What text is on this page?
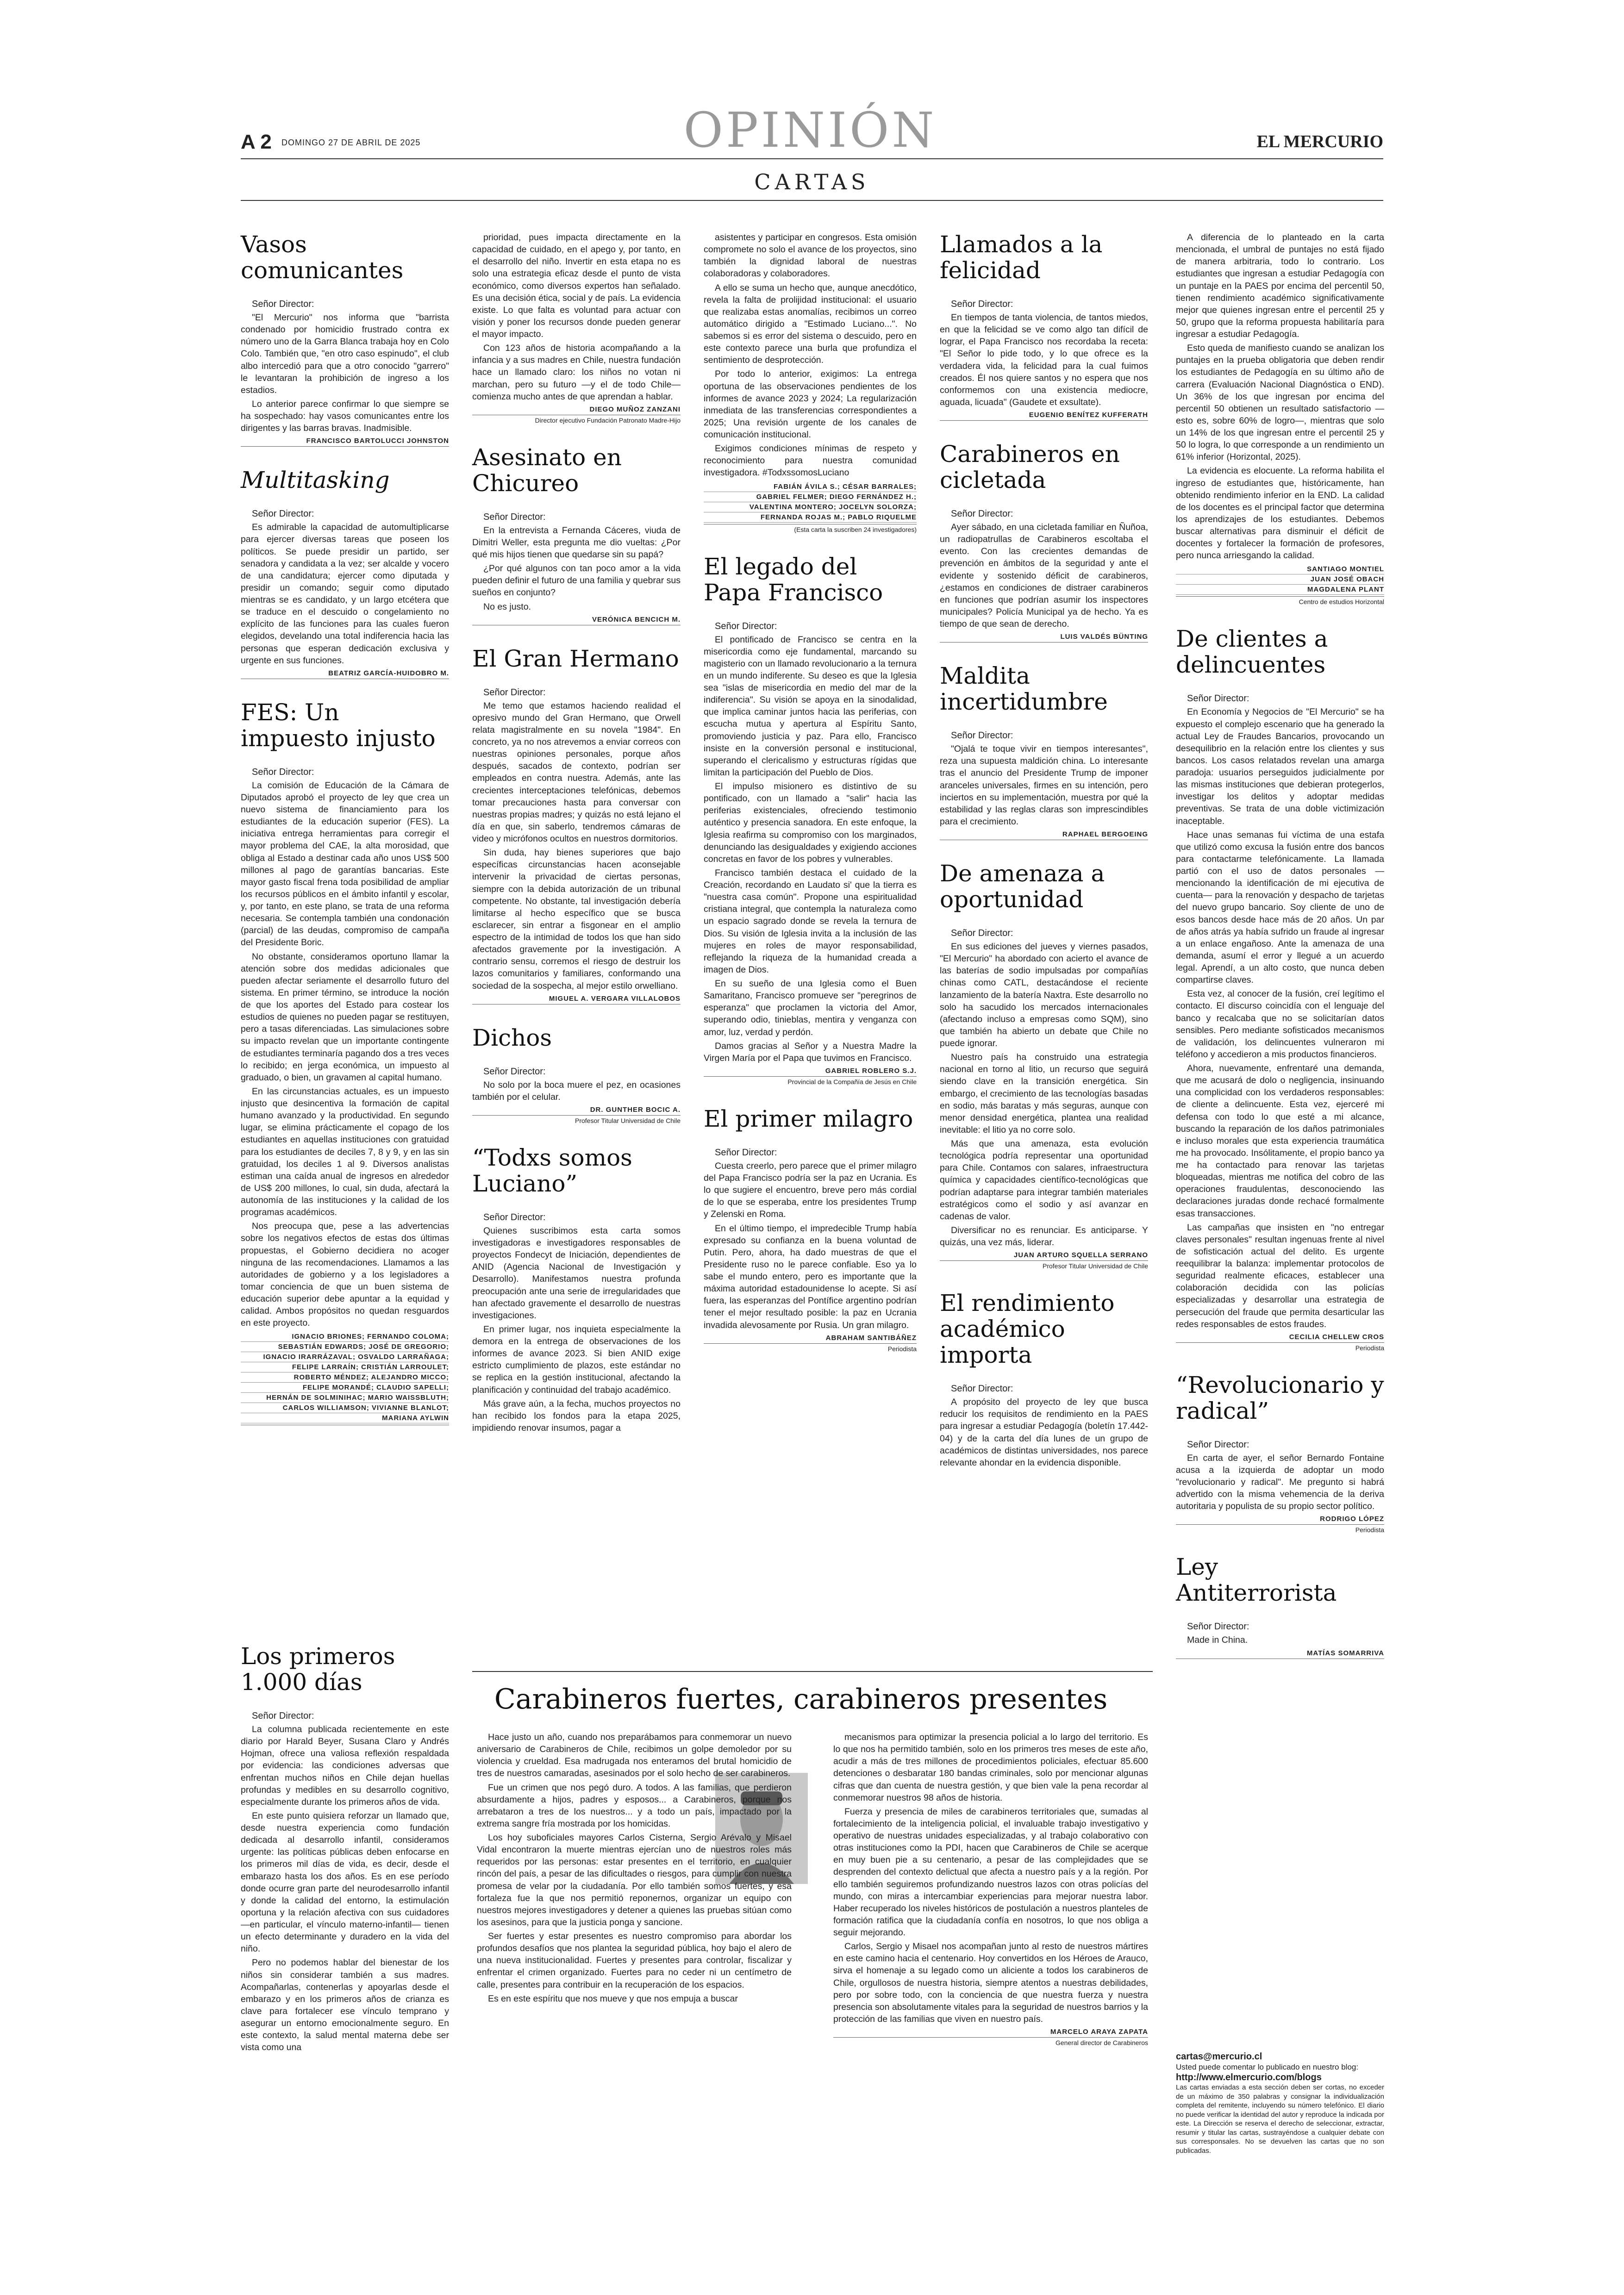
A 2 DOMINGO 27 DE ABRIL DE 2025	OPINIÓN	EL MERCURIO
CARTAS
Vasos comunicantes
Señor Director:

"El Mercurio" nos informa que "barrista condenado por homicidio frustrado contra ex número uno de la Garra Blanca trabaja hoy en Colo Colo. También que, "en otro caso espinudo", el club albo intercedió para que a otro conocido "garrero" le levantaran la prohibición de ingreso a los estadios.

Lo anterior parece confirmar lo que siempre se ha sospechado: hay vasos comunicantes entre los dirigentes y las barras bravas. Inadmisible.

FRANCISCO BARTOLUCCI JOHNSTON
Multitasking
Señor Director:

Es admirable la capacidad de automultiplicarse para ejercer diversas tareas que poseen los políticos. Se puede presidir un partido, ser senadora y candidata a la vez; ser alcalde y vocero de una candidatura; ejercer como diputada y presidir un comando; seguir como diputado mientras se es candidato, y un largo etcétera que se traduce en el descuido o congelamiento no explícito de las funciones para las cuales fueron elegidos, develando una total indiferencia hacia las personas que esperan dedicación exclusiva y urgente en sus funciones.

BEATRIZ GARCÍA-HUIDOBRO M.
FES: Un impuesto injusto
Señor Director:

La comisión de Educación de la Cámara de Diputados aprobó el proyecto de ley que crea un nuevo sistema de financiamiento para los estudiantes de la educación superior (FES). La iniciativa entrega herramientas para corregir el mayor problema del CAE, la alta morosidad, que obliga al Estado a destinar cada año unos US$ 500 millones al pago de garantías bancarias. Este mayor gasto fiscal frena toda posibilidad de ampliar los recursos públicos en el ámbito infantil y escolar, y, por tanto, en este plano, se trata de una reforma necesaria. Se contempla también una condonación (parcial) de las deudas, compromiso de campaña del Presidente Boric.

No obstante, consideramos oportuno llamar la atención sobre dos medidas adicionales que pueden afectar seriamente el desarrollo futuro del sistema. En primer término, se introduce la noción de que los aportes del Estado para costear los estudios de quienes no pueden pagar se restituyen, pero a tasas diferenciadas. Las simulaciones sobre su impacto revelan que un importante contingente de estudiantes terminaría pagando dos a tres veces lo recibido; en jerga económica, un impuesto al graduado, o bien, un gravamen al capital humano.

En las circunstancias actuales, es un impuesto injusto que desincentiva la formación de capital humano avanzado y la productividad. En segundo lugar, se elimina prácticamente el copago de los estudiantes en aquellas instituciones con gratuidad para los estudiantes de deciles 7, 8 y 9, y en las sin gratuidad, los deciles 1 al 9. Diversos analistas estiman una caída anual de ingresos en alrededor de US$ 200 millones, lo cual, sin duda, afectará la autonomía de las instituciones y la calidad de los programas académicos.

Nos preocupa que, pese a las advertencias sobre los negativos efectos de estas dos últimas propuestas, el Gobierno decidiera no acoger ninguna de las recomendaciones. Llamamos a las autoridades de gobierno y a los legisladores a tomar conciencia de que un buen sistema de educación superior debe apuntar a la equidad y calidad. Ambos propósitos no quedan resguardos en este proyecto.

IGNACIO BRIONES; FERNANDO COLOMA;
SEBASTIÁN EDWARDS; JOSÉ DE GREGORIO;
IGNACIO IRARRÁZAVAL; OSVALDO LARRAÑAGA;
FELIPE LARRAÍN; CRISTIÁN LARROULET;
ROBERTO MÉNDEZ; ALEJANDRO MICCO;
FELIPE MORANDÉ; CLAUDIO SAPELLI;
HERNÁN DE SOLMINIHAC; MARIO WAISSBLUTH;
CARLOS WILLIAMSON; VIVIANNE BLANLOT;
MARIANA AYLWIN

prioridad, pues impacta directamente en la capacidad de cuidado, en el apego y, por tanto, en el desarrollo del niño. Invertir en esta etapa no es solo una estrategia eficaz desde el punto de vista económico, como diversos expertos han señalado. Es una decisión ética, social y de país. La evidencia existe. Lo que falta es voluntad para actuar con visión y poner los recursos donde pueden generar el mayor impacto.

Con 123 años de historia acompañando a la infancia y a sus madres en Chile, nuestra fundación hace un llamado claro: los niños no votan ni marchan, pero su futuro —y el de todo Chile— comienza mucho antes de que aprendan a hablar.

DIEGO MUÑOZ ZANZANI
Director ejecutivo Fundación Patronato Madre-Hijo
Asesinato en Chicureo
Señor Director:

En la entrevista a Fernanda Cáceres, viuda de Dimitri Weller, esta pregunta me dio vueltas: ¿Por qué mis hijos tienen que quedarse sin su papá?

¿Por qué algunos con tan poco amor a la vida pueden definir el futuro de una familia y quebrar sus sueños en conjunto?

No es justo.

VERÓNICA BENCICH M.
El Gran Hermano
Señor Director:

Me temo que estamos haciendo realidad el opresivo mundo del Gran Hermano, que Orwell relata magistralmente en su novela "1984". En concreto, ya no nos atrevemos a enviar correos con nuestras opiniones personales, porque años después, sacados de contexto, podrían ser empleados en contra nuestra. Además, ante las crecientes interceptaciones telefónicas, debemos tomar precauciones hasta para conversar con nuestras propias madres; y quizás no está lejano el día en que, sin saberlo, tendremos cámaras de video y micrófonos ocultos en nuestros dormitorios.

Sin duda, hay bienes superiores que bajo específicas circunstancias hacen aconsejable intervenir la privacidad de ciertas personas, siempre con la debida autorización de un tribunal competente. No obstante, tal investigación debería limitarse al hecho específico que se busca esclarecer, sin entrar a fisgonear en el amplio espectro de la intimidad de todos los que han sido afectados gravemente por la investigación. A contrario sensu, corremos el riesgo de destruir los lazos comunitarios y familiares, conformando una sociedad de la sospecha, al mejor estilo orwelliano.

MIGUEL A. VERGARA VILLALOBOS
Dichos
Señor Director:

No solo por la boca muere el pez, en ocasiones también por el celular.

DR. GUNTHER BOCIC A.
Profesor Titular Universidad de Chile
“Todxs somos Luciano”
Señor Director:

Quienes suscribimos esta carta somos investigadoras e investigadores responsables de proyectos Fondecyt de Iniciación, dependientes de ANID (Agencia Nacional de Investigación y Desarrollo). Manifestamos nuestra profunda preocupación ante una serie de irregularidades que han afectado gravemente el desarrollo de nuestras investigaciones.

En primer lugar, nos inquieta especialmente la demora en la entrega de observaciones de los informes de avance 2023. Si bien ANID exige estricto cumplimiento de plazos, este estándar no se replica en la gestión institucional, afectando la planificación y continuidad del trabajo académico.

Más grave aún, a la fecha, muchos proyectos no han recibido los fondos para la etapa 2025, impidiendo renovar insumos, pagar a

asistentes y participar en congresos. Esta omisión compromete no solo el avance de los proyectos, sino también la dignidad laboral de nuestras colaboradoras y colaboradores.

A ello se suma un hecho que, aunque anecdótico, revela la falta de prolijidad institucional: el usuario que realizaba estas anomalías, recibimos un correo automático dirigido a "Estimado Luciano...". No sabemos si es error del sistema o descuido, pero en este contexto parece una burla que profundiza el sentimiento de desprotección.

Por todo lo anterior, exigimos: La entrega oportuna de las observaciones pendientes de los informes de avance 2023 y 2024; La regularización inmediata de las transferencias correspondientes a 2025; Una revisión urgente de los canales de comunicación institucional.

Exigimos condiciones mínimas de respeto y reconocimiento para nuestra comunidad investigadora. #TodxssomosLuciano

FABIÁN ÁVILA S.; CÉSAR BARRALES;
GABRIEL FELMER; DIEGO FERNÁNDEZ H.;
VALENTINA MONTERO; JOCELYN SOLORZA;
FERNANDA ROJAS M.; PABLO RIQUELME
(Esta carta la suscriben 24 investigadores)
El legado del Papa Francisco
Señor Director:

El pontificado de Francisco se centra en la misericordia como eje fundamental, marcando su magisterio con un llamado revolucionario a la ternura en un mundo indiferente. Su deseo es que la Iglesia sea "islas de misericordia en medio del mar de la indiferencia". Su visión se apoya en la sinodalidad, que implica caminar juntos hacia las periferias, con escucha mutua y apertura al Espíritu Santo, promoviendo justicia y paz. Para ello, Francisco insiste en la conversión personal e institucional, superando el clericalismo y estructuras rígidas que limitan la participación del Pueblo de Dios.

El impulso misionero es distintivo de su pontificado, con un llamado a "salir" hacia las periferias existenciales, ofreciendo testimonio auténtico y presencia sanadora. En este enfoque, la Iglesia reafirma su compromiso con los marginados, denunciando las desigualdades y exigiendo acciones concretas en favor de los pobres y vulnerables.

Francisco también destaca el cuidado de la Creación, recordando en Laudato si' que la tierra es "nuestra casa común". Propone una espiritualidad cristiana integral, que contempla la naturaleza como un espacio sagrado donde se revela la ternura de Dios. Su visión de Iglesia invita a la inclusión de las mujeres en roles de mayor responsabilidad, reflejando la riqueza de la humanidad creada a imagen de Dios.

En su sueño de una Iglesia como el Buen Samaritano, Francisco promueve ser "peregrinos de esperanza" que proclamen la victoria del Amor, superando odio, tinieblas, mentira y venganza con amor, luz, verdad y perdón.

Damos gracias al Señor y a Nuestra Madre la Virgen María por el Papa que tuvimos en Francisco.

GABRIEL ROBLERO S.J.
Provincial de la Compañía de Jesús en Chile
El primer milagro
Señor Director:

Cuesta creerlo, pero parece que el primer milagro del Papa Francisco podría ser la paz en Ucrania. Es lo que sugiere el encuentro, breve pero más cordial de lo que se esperaba, entre los presidentes Trump y Zelenski en Roma.

En el último tiempo, el impredecible Trump había expresado su confianza en la buena voluntad de Putin. Pero, ahora, ha dado muestras de que el Presidente ruso no le parece confiable. Eso ya lo sabe el mundo entero, pero es importante que la máxima autoridad estadounidense lo acepte. Si así fuera, las esperanzas del Pontífice argentino podrían tener el mejor resultado posible: la paz en Ucrania invadida alevosamente por Rusia. Un gran milagro.

ABRAHAM SANTIBÁÑEZ
Periodista
Llamados a la felicidad
Señor Director:

En tiempos de tanta violencia, de tantos miedos, en que la felicidad se ve como algo tan difícil de lograr, el Papa Francisco nos recordaba la receta: "El Señor lo pide todo, y lo que ofrece es la verdadera vida, la felicidad para la cual fuimos creados. Él nos quiere santos y no espera que nos conformemos con una existencia mediocre, aguada, licuada" (Gaudete et exsultate).

EUGENIO BENÍTEZ KUFFERATH
Carabineros en cicletada
Señor Director:

Ayer sábado, en una cicletada familiar en Ñuñoa, un radiopatrullas de Carabineros escoltaba el evento. Con las crecientes demandas de prevención en ámbitos de la seguridad y ante el evidente y sostenido déficit de carabineros, ¿estamos en condiciones de distraer carabineros en funciones que podrían asumir los inspectores municipales? Policía Municipal ya de hecho. Ya es tiempo de que sean de derecho.

LUIS VALDÉS BÜNTING
Maldita incertidumbre
Señor Director:

"Ojalá te toque vivir en tiempos interesantes", reza una supuesta maldición china. Lo interesante tras el anuncio del Presidente Trump de imponer aranceles universales, firmes en su intención, pero inciertos en su implementación, muestra por qué la estabilidad y las reglas claras son imprescindibles para el crecimiento.

RAPHAEL BERGOEING
De amenaza a oportunidad
Señor Director:

En sus ediciones del jueves y viernes pasados, "El Mercurio" ha abordado con acierto el avance de las baterías de sodio impulsadas por compañías chinas como CATL, destacándose el reciente lanzamiento de la batería Naxtra. Este desarrollo no solo ha sacudido los mercados internacionales (afectando incluso a empresas como SQM), sino que también ha abierto un debate que Chile no puede ignorar.

Nuestro país ha construido una estrategia nacional en torno al litio, un recurso que seguirá siendo clave en la transición energética. Sin embargo, el crecimiento de las tecnologías basadas en sodio, más baratas y más seguras, aunque con menor densidad energética, plantea una realidad inevitable: el litio ya no corre solo.

Más que una amenaza, esta evolución tecnológica podría representar una oportunidad para Chile. Contamos con salares, infraestructura química y capacidades científico-tecnológicas que podrían adaptarse para integrar también materiales estratégicos como el sodio y así avanzar en cadenas de valor.

Diversificar no es renunciar. Es anticiparse. Y quizás, una vez más, liderar.

JUAN ARTURO SQUELLA SERRANO
Profesor Titular Universidad de Chile
El rendimiento académico importa
Señor Director:

A propósito del proyecto de ley que busca reducir los requisitos de rendimiento en la PAES para ingresar a estudiar Pedagogía (boletín 17.442-04) y de la carta del día lunes de un grupo de académicos de distintas universidades, nos parece relevante ahondar en la evidencia disponible.

A diferencia de lo planteado en la carta mencionada, el umbral de puntajes no está fijado de manera arbitraria, todo lo contrario. Los estudiantes que ingresan a estudiar Pedagogía con un puntaje en la PAES por encima del percentil 50, tienen rendimiento académico significativamente mejor que quienes ingresan entre el percentil 25 y 50, grupo que la reforma propuesta habilitaría para ingresar a estudiar Pedagogía.

Esto queda de manifiesto cuando se analizan los puntajes en la prueba obligatoria que deben rendir los estudiantes de Pedagogía en su último año de carrera (Evaluación Nacional Diagnóstica o END). Un 36% de los que ingresan por encima del percentil 50 obtienen un resultado satisfactorio —esto es, sobre 60% de logro—, mientras que solo un 14% de los que ingresan entre el percentil 25 y 50 lo logra, lo que corresponde a un rendimiento un 61% inferior (Horizontal, 2025).

La evidencia es elocuente. La reforma habilita el ingreso de estudiantes que, históricamente, han obtenido rendimiento inferior en la END. La calidad de los docentes es el principal factor que determina los aprendizajes de los estudiantes. Debemos buscar alternativas para disminuir el déficit de docentes y fortalecer la formación de profesores, pero nunca arriesgando la calidad.

SANTIAGO MONTIEL
JUAN JOSÉ OBACH
MAGDALENA PLANT
Centro de estudios Horizontal
De clientes a delincuentes
Señor Director:

En Economía y Negocios de "El Mercurio" se ha expuesto el complejo escenario que ha generado la actual Ley de Fraudes Bancarios, provocando un desequilibrio en la relación entre los clientes y sus bancos. Los casos relatados revelan una amarga paradoja: usuarios perseguidos judicialmente por las mismas instituciones que debieran protegerlos, investigar los delitos y adoptar medidas preventivas. Se trata de una doble victimización inaceptable.

Hace unas semanas fui víctima de una estafa que utilizó como excusa la fusión entre dos bancos para contactarme telefónicamente. La llamada partió con el uso de datos personales —mencionando la identificación de mi ejecutiva de cuenta— para la renovación y despacho de tarjetas del nuevo grupo bancario. Soy cliente de uno de esos bancos desde hace más de 20 años. Un par de años atrás ya había sufrido un fraude al ingresar a un enlace engañoso. Ante la amenaza de una demanda, asumí el error y llegué a un acuerdo legal. Aprendí, a un alto costo, que nunca deben compartirse claves.

Esta vez, al conocer de la fusión, creí legítimo el contacto. El discurso coincidía con el lenguaje del banco y recalcaba que no se solicitarían datos sensibles. Pero mediante sofisticados mecanismos de validación, los delincuentes vulneraron mi teléfono y accedieron a mis productos financieros.

Ahora, nuevamente, enfrentaré una demanda, que me acusará de dolo o negligencia, insinuando una complicidad con los verdaderos responsables: de cliente a delincuente. Esta vez, ejerceré mi defensa con todo lo que esté a mi alcance, buscando la reparación de los daños patrimoniales e incluso morales que esta experiencia traumática me ha provocado. Insólitamente, el propio banco ya me ha contactado para renovar las tarjetas bloqueadas, mientras me notifica del cobro de las operaciones fraudulentas, desconociendo las declaraciones juradas donde rechacé formalmente esas transacciones.

Las campañas que insisten en "no entregar claves personales" resultan ingenuas frente al nivel de sofisticación actual del delito. Es urgente reequilibrar la balanza: implementar protocolos de seguridad realmente eficaces, establecer una colaboración decidida con las policías especializadas y desarrollar una estrategia de persecución del fraude que permita desarticular las redes responsables de estos fraudes.

CECILIA CHELLEW CROS
Periodista
“Revolucionario y radical”
Señor Director:

En carta de ayer, el señor Bernardo Fontaine acusa a la izquierda de adoptar un modo "revolucionario y radical". Me pregunto si habrá advertido con la misma vehemencia de la deriva autoritaria y populista de su propio sector político.

RODRIGO LÓPEZ
Periodista
Ley Antiterrorista
Señor Director:

Made in China.

MATÍAS SOMARRIVA
Los primeros 1.000 días
Señor Director:

La columna publicada recientemente en este diario por Harald Beyer, Susana Claro y Andrés Hojman, ofrece una valiosa reflexión respaldada por evidencia: las condiciones adversas que enfrentan muchos niños en Chile dejan huellas profundas y medibles en su desarrollo cognitivo, especialmente durante los primeros años de vida.

En este punto quisiera reforzar un llamado que, desde nuestra experiencia como fundación dedicada al desarrollo infantil, consideramos urgente: las políticas públicas deben enfocarse en los primeros mil días de vida, es decir, desde el embarazo hasta los dos años. Es en ese período donde ocurre gran parte del neurodesarrollo infantil y donde la calidad del entorno, la estimulación oportuna y la relación afectiva con sus cuidadores —en particular, el vínculo materno-infantil— tienen un efecto determinante y duradero en la vida del niño.

Pero no podemos hablar del bienestar de los niños sin considerar también a sus madres. Acompañarlas, contenerlas y apoyarlas desde el embarazo y en los primeros años de crianza es clave para fortalecer ese vínculo temprano y asegurar un entorno emocionalmente seguro. En este contexto, la salud mental materna debe ser vista como una

Carabineros fuertes, carabineros presentes

Hace justo un año, cuando nos preparábamos para conmemorar un nuevo aniversario de Carabineros de Chile, recibimos un golpe demoledor por su violencia y crueldad. Esa madrugada nos enteramos del brutal homicidio de tres de nuestros camaradas, asesinados por el solo hecho de ser carabineros.

Fue un crimen que nos pegó duro. A todos. A las familias, que perdieron absurdamente a hijos, padres y esposos... a Carabineros, porque nos arrebataron a tres de los nuestros... y a todo un país, impactado por la extrema sangre fría mostrada por los homicidas.

Los hoy suboficiales mayores Carlos Cisterna, Sergio Arévalo y Misael Vidal encontraron la muerte mientras ejercían uno de nuestros roles más requeridos por las personas: estar presentes en el territorio, en cualquier rincón del país, a pesar de las dificultades o riesgos, para cumplir con nuestra promesa de velar por la ciudadanía. Por ello también somos fuertes, y esa fortaleza fue la que nos permitió reponernos, organizar un equipo con nuestros mejores investigadores y detener a quienes las pruebas sitúan como los asesinos, para que la justicia ponga y sancione.

Ser fuertes y estar presentes es nuestro compromiso para abordar los profundos desafíos que nos plantea la seguridad pública, hoy bajo el alero de una nueva institucionalidad. Fuertes y presentes para controlar, fiscalizar y enfrentar el crimen organizado. Fuertes para no ceder ni un centímetro de calle, presentes para contribuir en la recuperación de los espacios.

Es en este espíritu que nos mueve y que nos empuja a buscar

mecanismos para optimizar la presencia policial a lo largo del territorio. Es lo que nos ha permitido también, solo en los primeros tres meses de este año, acudir a más de tres millones de procedimientos policiales, efectuar 85.600 detenciones o desbaratar 180 bandas criminales, solo por mencionar algunas cifras que dan cuenta de nuestra gestión, y que bien vale la pena recordar al conmemorar nuestros 98 años de historia.

Fuerza y presencia de miles de carabineros territoriales que, sumadas al fortalecimiento de la inteligencia policial, el invaluable trabajo investigativo y operativo de nuestras unidades especializadas, y al trabajo colaborativo con otras instituciones como la PDI, hacen que Carabineros de Chile se acerque en muy buen pie a su centenario, a pesar de las complejidades que se desprenden del contexto delictual que afecta a nuestro país y a la región. Por ello también seguiremos profundizando nuestros lazos con otras policías del mundo, con miras a intercambiar experiencias para mejorar nuestra labor. Haber recuperado los niveles históricos de postulación a nuestros planteles de formación ratifica que la ciudadanía confía en nosotros, lo que nos obliga a seguir mejorando.

Carlos, Sergio y Misael nos acompañan junto al resto de nuestros mártires en este camino hacia el centenario. Hoy convertidos en los Héroes de Arauco, sirva el homenaje a su legado como un aliciente a todos los carabineros de Chile, orgullosos de nuestra historia, siempre atentos a nuestras debilidades, pero por sobre todo, con la conciencia de que nuestra fuerza y nuestra presencia son absolutamente vitales para la seguridad de nuestros barrios y la protección de las familias que viven en nuestro país.

MARCELO ARAYA ZAPATA
General director de Carabineros
cartas@mercurio.cl
Usted puede comentar lo publicado en nuestro blog:
http://www.elmercurio.com/blogs
Las cartas enviadas a esta sección deben ser cortas, no exceder de un máximo de 350 palabras y consignar la individualización completa del remitente, incluyendo su número telefónico. El diario no puede verificar la identidad del autor y reproduce la indicada por este. La Dirección se reserva el derecho de seleccionar, extractar, resumir y titular las cartas, sustrayéndose a cualquier debate con sus corresponsales. No se devuelven las cartas que no son publicadas.
